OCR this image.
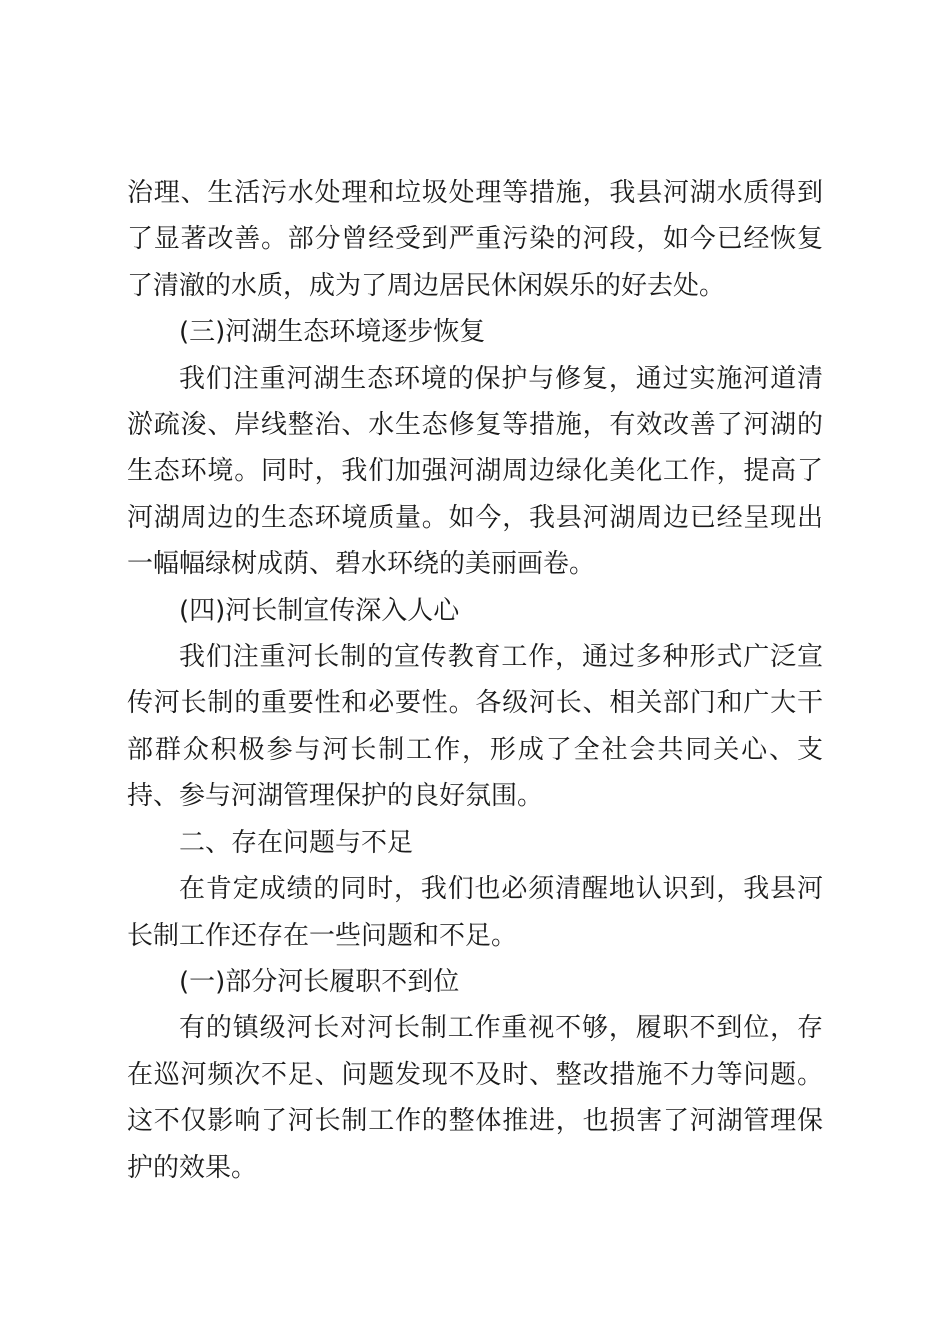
治理、生活污水处理和垃圾处理等措施，我县河湖水质得到了显著改善。部分曾经受到严重污染的河段，如今已经恢复了清澈的水质，成为了周边居民休闲娱乐的好去处。

(三)河湖生态环境逐步恢复

我们注重河湖生态环境的保护与修复，通过实施河道清淤疏浚、岸线整治、水生态修复等措施，有效改善了河湖的生态环境。同时，我们加强河湖周边绿化美化工作，提高了河湖周边的生态环境质量。如今，我县河湖周边已经呈现出一幅幅绿树成荫、碧水环绕的美丽画卷。

(四)河长制宣传深入人心

我们注重河长制的宣传教育工作，通过多种形式广泛宣传河长制的重要性和必要性。各级河长、相关部门和广大干部群众积极参与河长制工作，形成了全社会共同关心、支持、参与河湖管理保护的良好氛围。

二、存在问题与不足

在肯定成绩的同时，我们也必须清醒地认识到，我县河长制工作还存在一些问题和不足。

(一)部分河长履职不到位

有的镇级河长对河长制工作重视不够，履职不到位，存在巡河频次不足、问题发现不及时、整改措施不力等问题。这不仅影响了河长制工作的整体推进，也损害了河湖管理保护的效果。
